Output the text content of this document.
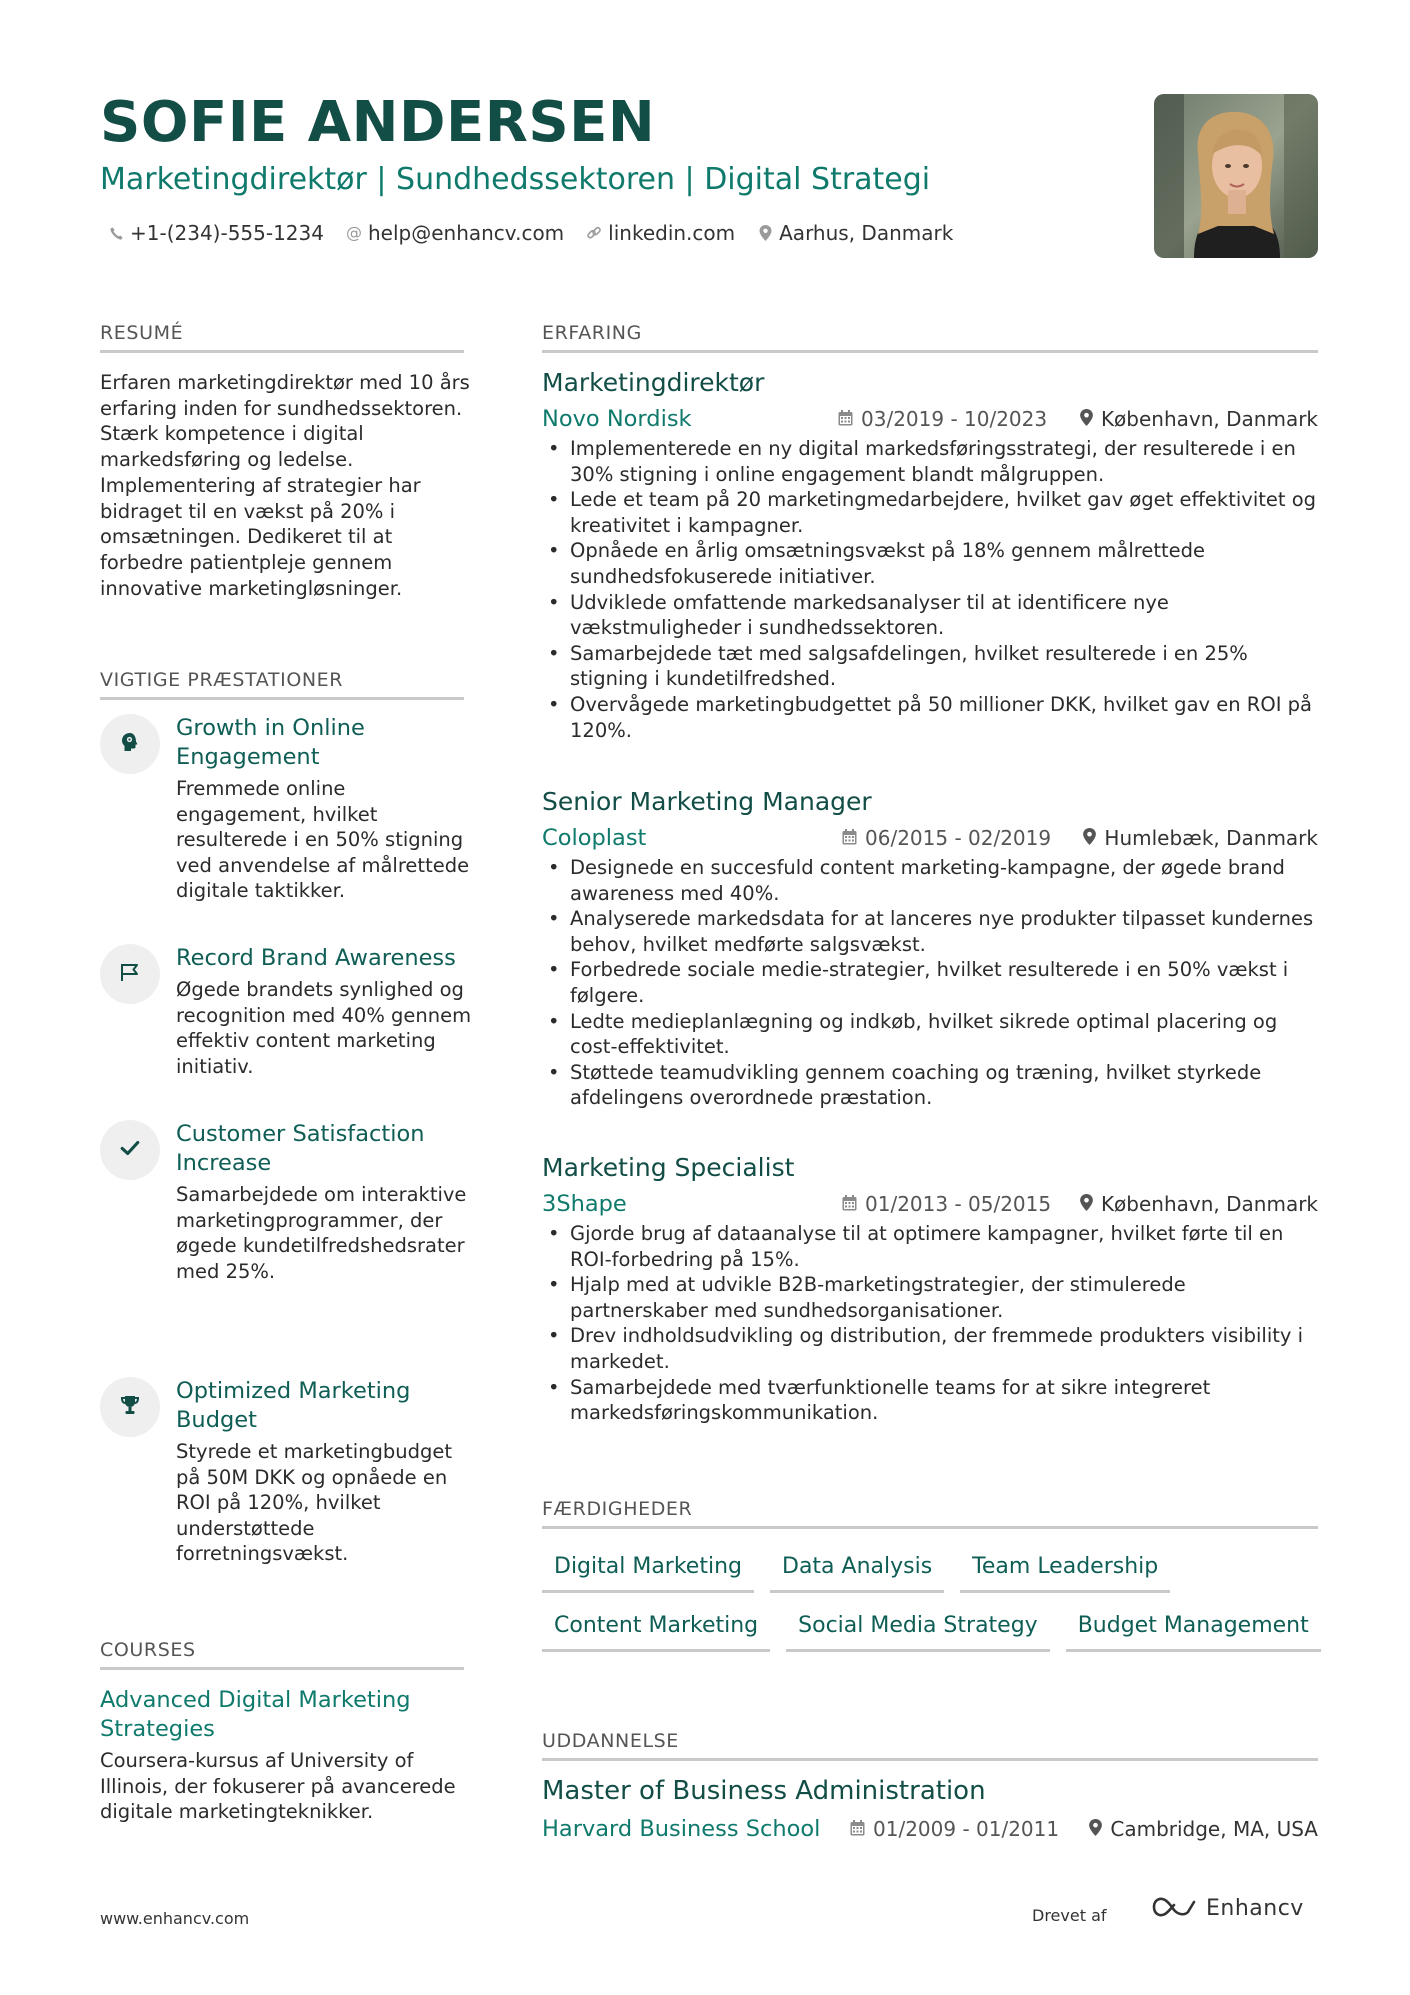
SOFIE ANDERSEN
Marketingdirektør | Sundhedssektoren | Digital Strategi
+1-(234)-555-1234 @ help@enhancv.com linkedin.com Aarhus, Danmark
RESUMÉ
Erfaren marketingdirektør med 10 års erfaring inden for sundhedssektoren. Stærk kompetence i digital markedsføring og ledelse. Implementering af strategier har bidraget til en vækst på 20% i omsætningen. Dedikeret til at forbedre patientpleje gennem innovative marketingløsninger.
VIGTIGE PRÆSTATIONER
Growth in Online Engagement
Fremmede online engagement, hvilket resulterede i en 50% stigning ved anvendelse af målrettede digitale taktikker.
Record Brand Awareness
Øgede brandets synlighed og recognition med 40% gennem effektiv content marketing initiativ.
Customer Satisfaction Increase
Samarbejdede om interaktive marketingprogrammer, der øgede kundetilfredshedsrater med 25%.
Optimized Marketing Budget
Styrede et marketingbudget på 50M DKK og opnåede en ROI på 120%, hvilket understøttede forretningsvækst.
COURSES
Advanced Digital Marketing Strategies
Coursera-kursus af University of Illinois, der fokuserer på avancerede digitale marketingteknikker.
ERFARING
Marketingdirektør
Novo Nordisk	03/2019 - 10/2023	København, Danmark
• Implementerede en ny digital markedsføringsstrategi, der resulterede i en 30% stigning i online engagement blandt målgruppen.
• Lede et team på 20 marketingmedarbejdere, hvilket gav øget effektivitet og kreativitet i kampagner.
• Opnåede en årlig omsætningsvækst på 18% gennem målrettede sundhedsfokuserede initiativer.
• Udviklede omfattende markedsanalyser til at identificere nye vækstmuligheder i sundhedssektoren.
• Samarbejdede tæt med salgsafdelingen, hvilket resulterede i en 25% stigning i kundetilfredshed.
• Overvågede marketingbudgettet på 50 millioner DKK, hvilket gav en ROI på 120%.
Senior Marketing Manager
Coloplast	06/2015 - 02/2019	Humlebæk, Danmark
• Designede en succesfuld content marketing-kampagne, der øgede brand awareness med 40%.
• Analyserede markedsdata for at lanceres nye produkter tilpasset kundernes behov, hvilket medførte salgsvækst.
• Forbedrede sociale medie-strategier, hvilket resulterede i en 50% vækst i følgere.
• Ledte medieplanlægning og indkøb, hvilket sikrede optimal placering og cost-effektivitet.
• Støttede teamudvikling gennem coaching og træning, hvilket styrkede afdelingens overordnede præstation.
Marketing Specialist
3Shape	01/2013 - 05/2015 København, Danmark
• Gjorde brug af dataanalyse til at optimere kampagner, hvilket førte til en ROI-forbedring på 15%.
• Hjalp med at udvikle B2B-marketingstrategier, der stimulerede partnerskaber med sundhedsorganisationer.
• Drev indholdsudvikling og distribution, der fremmede produkters visibility i markedet.
• Samarbejdede med tværfunktionelle teams for at sikre integreret markedsføringskommunikation.
FÆRDIGHEDER
Digital Marketing	Data Analysis	Team Leadership
Content Marketing	Social Media Strategy	Budget Management
UDDANNELSE
Master of Business Administration
Harvard Business School	01/2009 - 01/2011	Cambridge, MA, USA
www.enhancv.com	Drevet af	Enhancv
